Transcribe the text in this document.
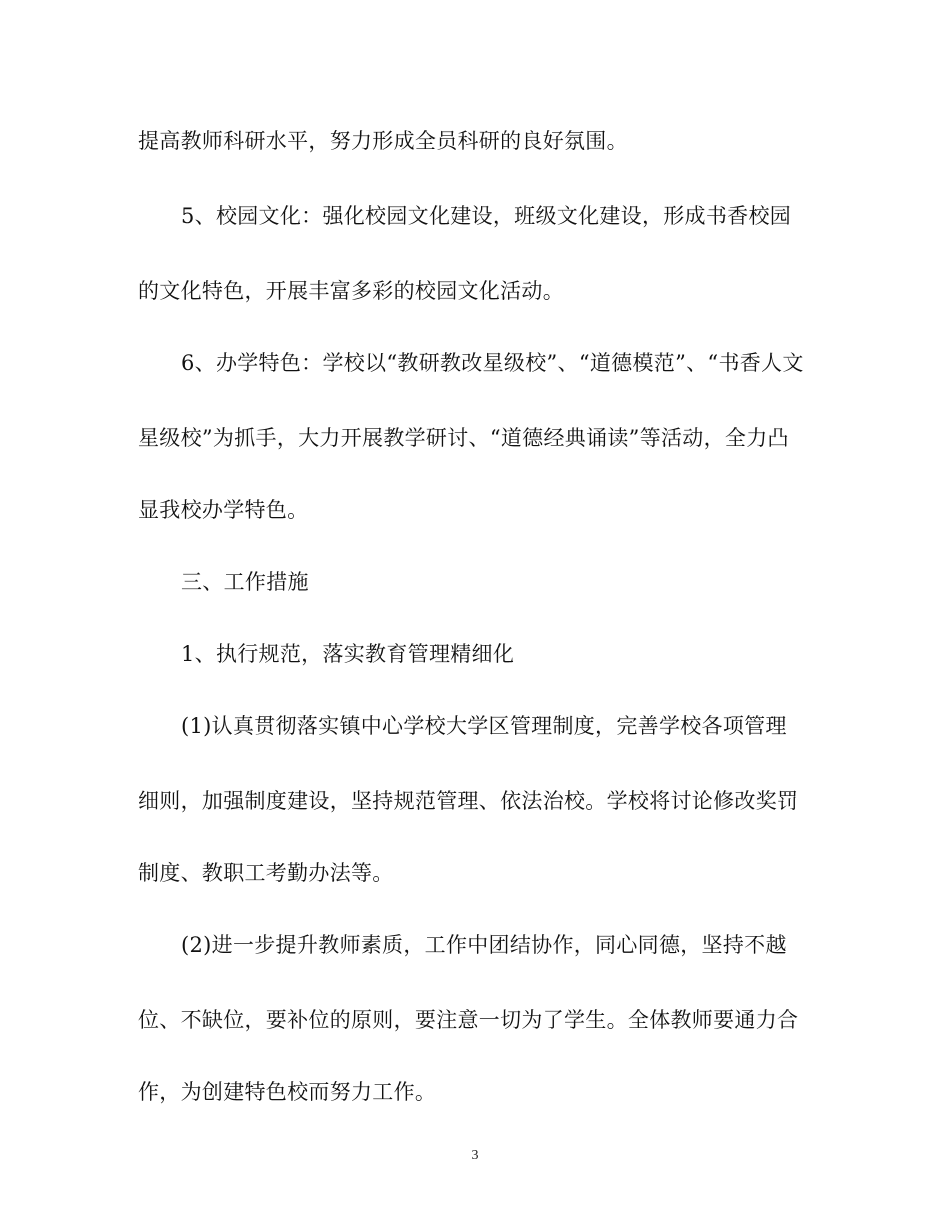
提高教师科研水平，努力形成全员科研的良好氛围。
5、校园文化：强化校园文化建设，班级文化建设，形成书香校园
的文化特色，开展丰富多彩的校园文化活动。
6、办学特色：学校以“教研教改星级校”、“道德模范”、“书香人文
星级校”为抓手，大力开展教学研讨、“道德经典诵读”等活动，全力凸
显我校办学特色。
三、工作措施
1、执行规范，落实教育管理精细化
(1)认真贯彻落实镇中心学校大学区管理制度，完善学校各项管理
细则，加强制度建设，坚持规范管理、依法治校。学校将讨论修改奖罚
制度、教职工考勤办法等。
(2)进一步提升教师素质，工作中团结协作，同心同德，坚持不越
位、不缺位，要补位的原则，要注意一切为了学生。全体教师要通力合
作，为创建特色校而努力工作。
3
